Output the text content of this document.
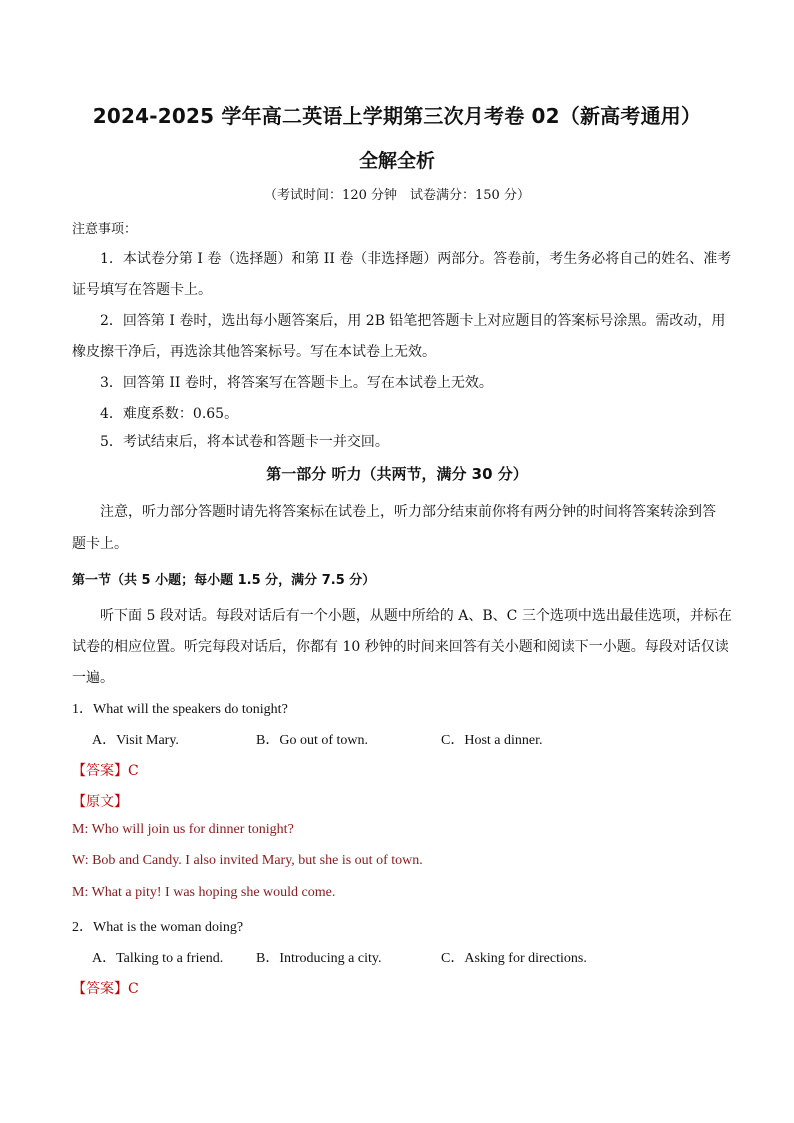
2024-2025 学年高二英语上学期第三次月考卷 02（新高考通用）
全解全析
（考试时间：120 分钟　试卷满分：150 分）
注意事项：
1．本试卷分第 I 卷（选择题）和第 II 卷（非选择题）两部分。答卷前，考生务必将自己的姓名、准考
证号填写在答题卡上。
2．回答第 I 卷时，选出每小题答案后，用 2B 铅笔把答题卡上对应题目的答案标号涂黑。需改动，用
橡皮擦干净后，再选涂其他答案标号。写在本试卷上无效。
3．回答第 II 卷时，将答案写在答题卡上。写在本试卷上无效。
4．难度系数：0.65。
5．考试结束后，将本试卷和答题卡一并交回。
第一部分 听力（共两节，满分 30 分）
注意，听力部分答题时请先将答案标在试卷上，听力部分结束前你将有两分钟的时间将答案转涂到答
题卡上。
第一节（共 5 小题；每小题 1.5 分，满分 7.5 分）
听下面 5 段对话。每段对话后有一个小题，从题中所给的 A、B、C 三个选项中选出最佳选项，并标在
试卷的相应位置。听完每段对话后，你都有 10 秒钟的时间来回答有关小题和阅读下一小题。每段对话仅读
一遍。
1．What will the speakers do tonight?
A．Visit Mary.	B．Go out of town.	C．Host a dinner.
【答案】C
【原文】
M: Who will join us for dinner tonight?
W: Bob and Candy. I also invited Mary, but she is out of town.
M: What a pity! I was hoping she would come.
2．What is the woman doing?
A．Talking to a friend. B．Introducing a city.	C．Asking for directions.
【答案】C
